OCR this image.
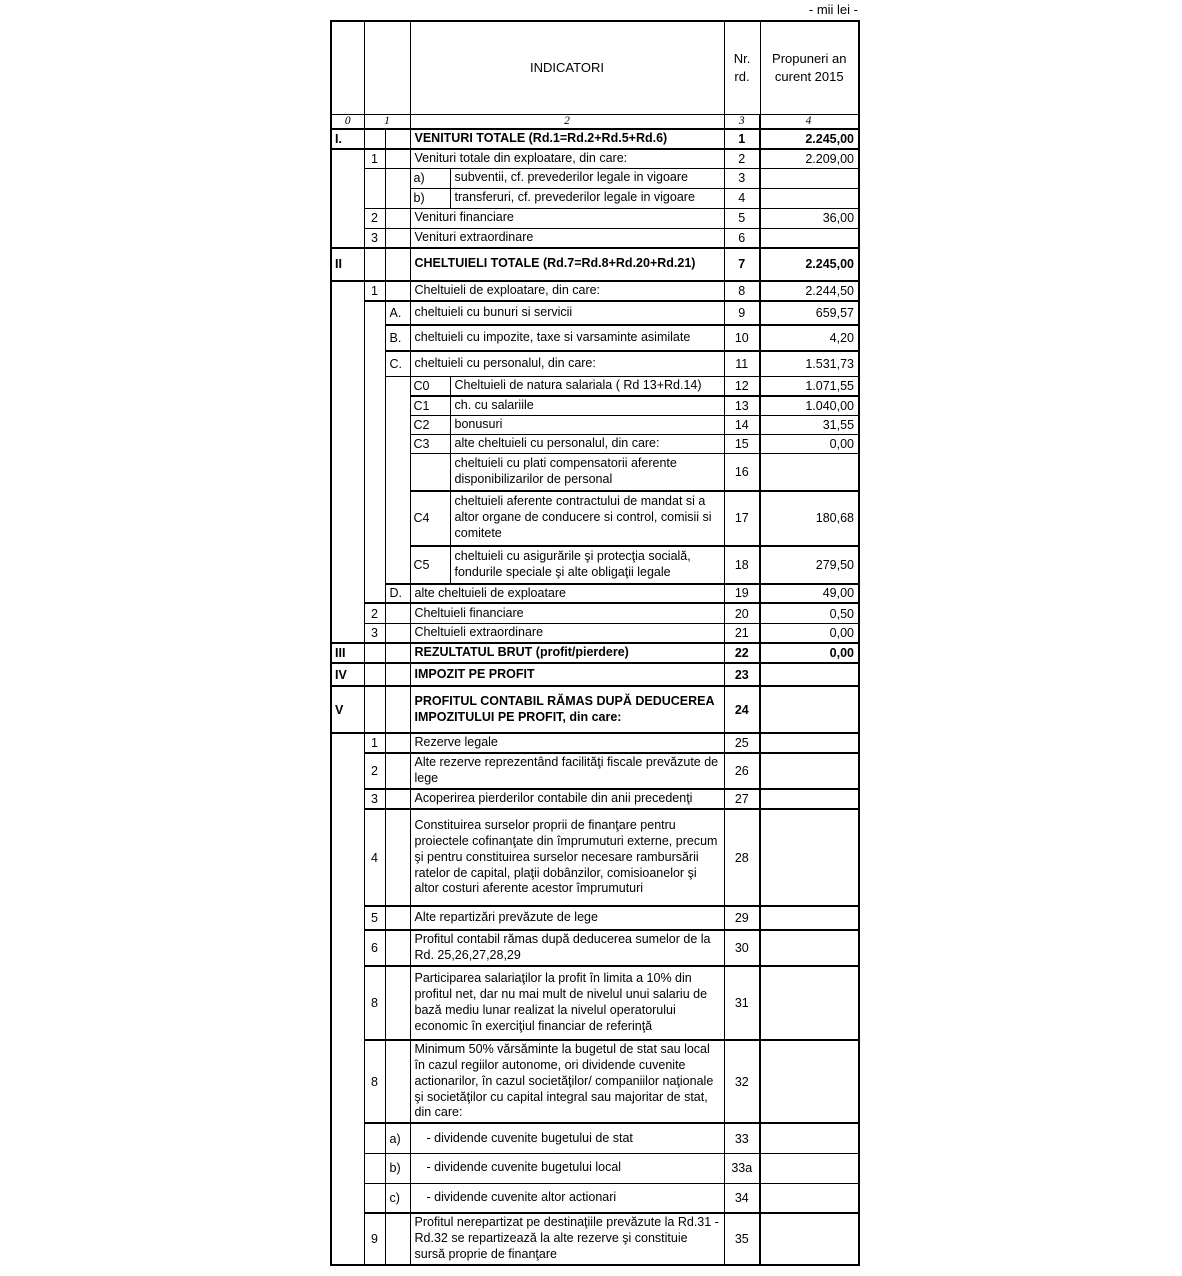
- mii lei -
			INDICATORI		Nr. rd.	Propuneri an curent 2015
0	1		2		3	4
I.			VENITURI TOTALE (Rd.1=Rd.2+Rd.5+Rd.6)		1	2.245,00
	1		Venituri totale din exploatare, din care:		2	2.209,00
			a)	subventii, cf. prevederilor legale in vigoare	3	
			b)	transferuri, cf. prevederilor legale in vigoare	4	
	2		Venituri financiare		5	36,00
	3		Venituri extraordinare		6	
II			CHELTUIELI TOTALE (Rd.7=Rd.8+Rd.20+Rd.21)		7	2.245,00
	1		Cheltuieli de exploatare, din care:		8	2.244,50
		A.	cheltuieli cu bunuri si servicii		9	659,57
		B.	cheltuieli cu impozite, taxe si varsaminte asimilate		10	4,20
		C.	cheltuieli cu personalul, din care:		11	1.531,73
			C0	Cheltuieli de natura salariala ( Rd 13+Rd.14)	12	1.071,55
			C1	ch. cu salariile	13	1.040,00
			C2	bonusuri	14	31,55
			C3	alte cheltuieli cu personalul, din care:	15	0,00
				cheltuieli cu plati compensatorii aferente disponibilizarilor de personal	16	
			C4	cheltuieli aferente contractului de mandat si a altor organe de conducere si control, comisii si comitete	17	180,68
			C5	cheltuieli cu asigurările şi protecţia socială, fondurile speciale şi alte obligaţii legale	18	279,50
		D.	alte cheltuieli de exploatare		19	49,00
	2		Cheltuieli financiare		20	0,50
	3		Cheltuieli extraordinare		21	0,00
III			REZULTATUL BRUT (profit/pierdere)		22	0,00
IV			IMPOZIT PE PROFIT		23	
V			PROFITUL CONTABIL RĂMAS DUPĂ DEDUCEREA IMPOZITULUI PE PROFIT, din care:		24	
	1		Rezerve legale		25	
	2		Alte rezerve reprezentând facilităţi fiscale prevăzute de lege		26	
	3		Acoperirea pierderilor contabile din anii precedenţi		27	
	4		Constituirea surselor proprii de finanţare pentru proiectele cofinanţate din împrumuturi externe, precum şi pentru constituirea surselor necesare rambursării ratelor de capital, plaţii dobânzilor, comisioanelor şi altor costuri aferente acestor împrumuturi		28	
	5		Alte repartizări prevăzute de lege		29	
	6		Profitul contabil rămas după deducerea sumelor de la Rd. 25,26,27,28,29		30	
	8		Participarea salariaţilor la profit în limita a 10% din profitul net, dar nu mai mult de nivelul unui salariu de bază mediu lunar realizat la nivelul operatorului economic în exerciţiul financiar de referinţă		31	
	8		Minimum 50% vărsăminte la bugetul de stat sau local în cazul regiilor autonome, ori dividende cuvenite actionarilor, în cazul societăţilor/ companiilor naţionale şi societăţilor cu capital integral sau majoritar de stat, din care:		32	
		a)	- dividende cuvenite bugetului de stat		33	
		b)	- dividende cuvenite bugetului local		33a	
		c)	- dividende cuvenite altor actionari		34	
	9		Profitul nerepartizat pe destinaţiile prevăzute la Rd.31 - Rd.32 se repartizează la alte rezerve şi constituie sursă proprie de finanţare		35	
